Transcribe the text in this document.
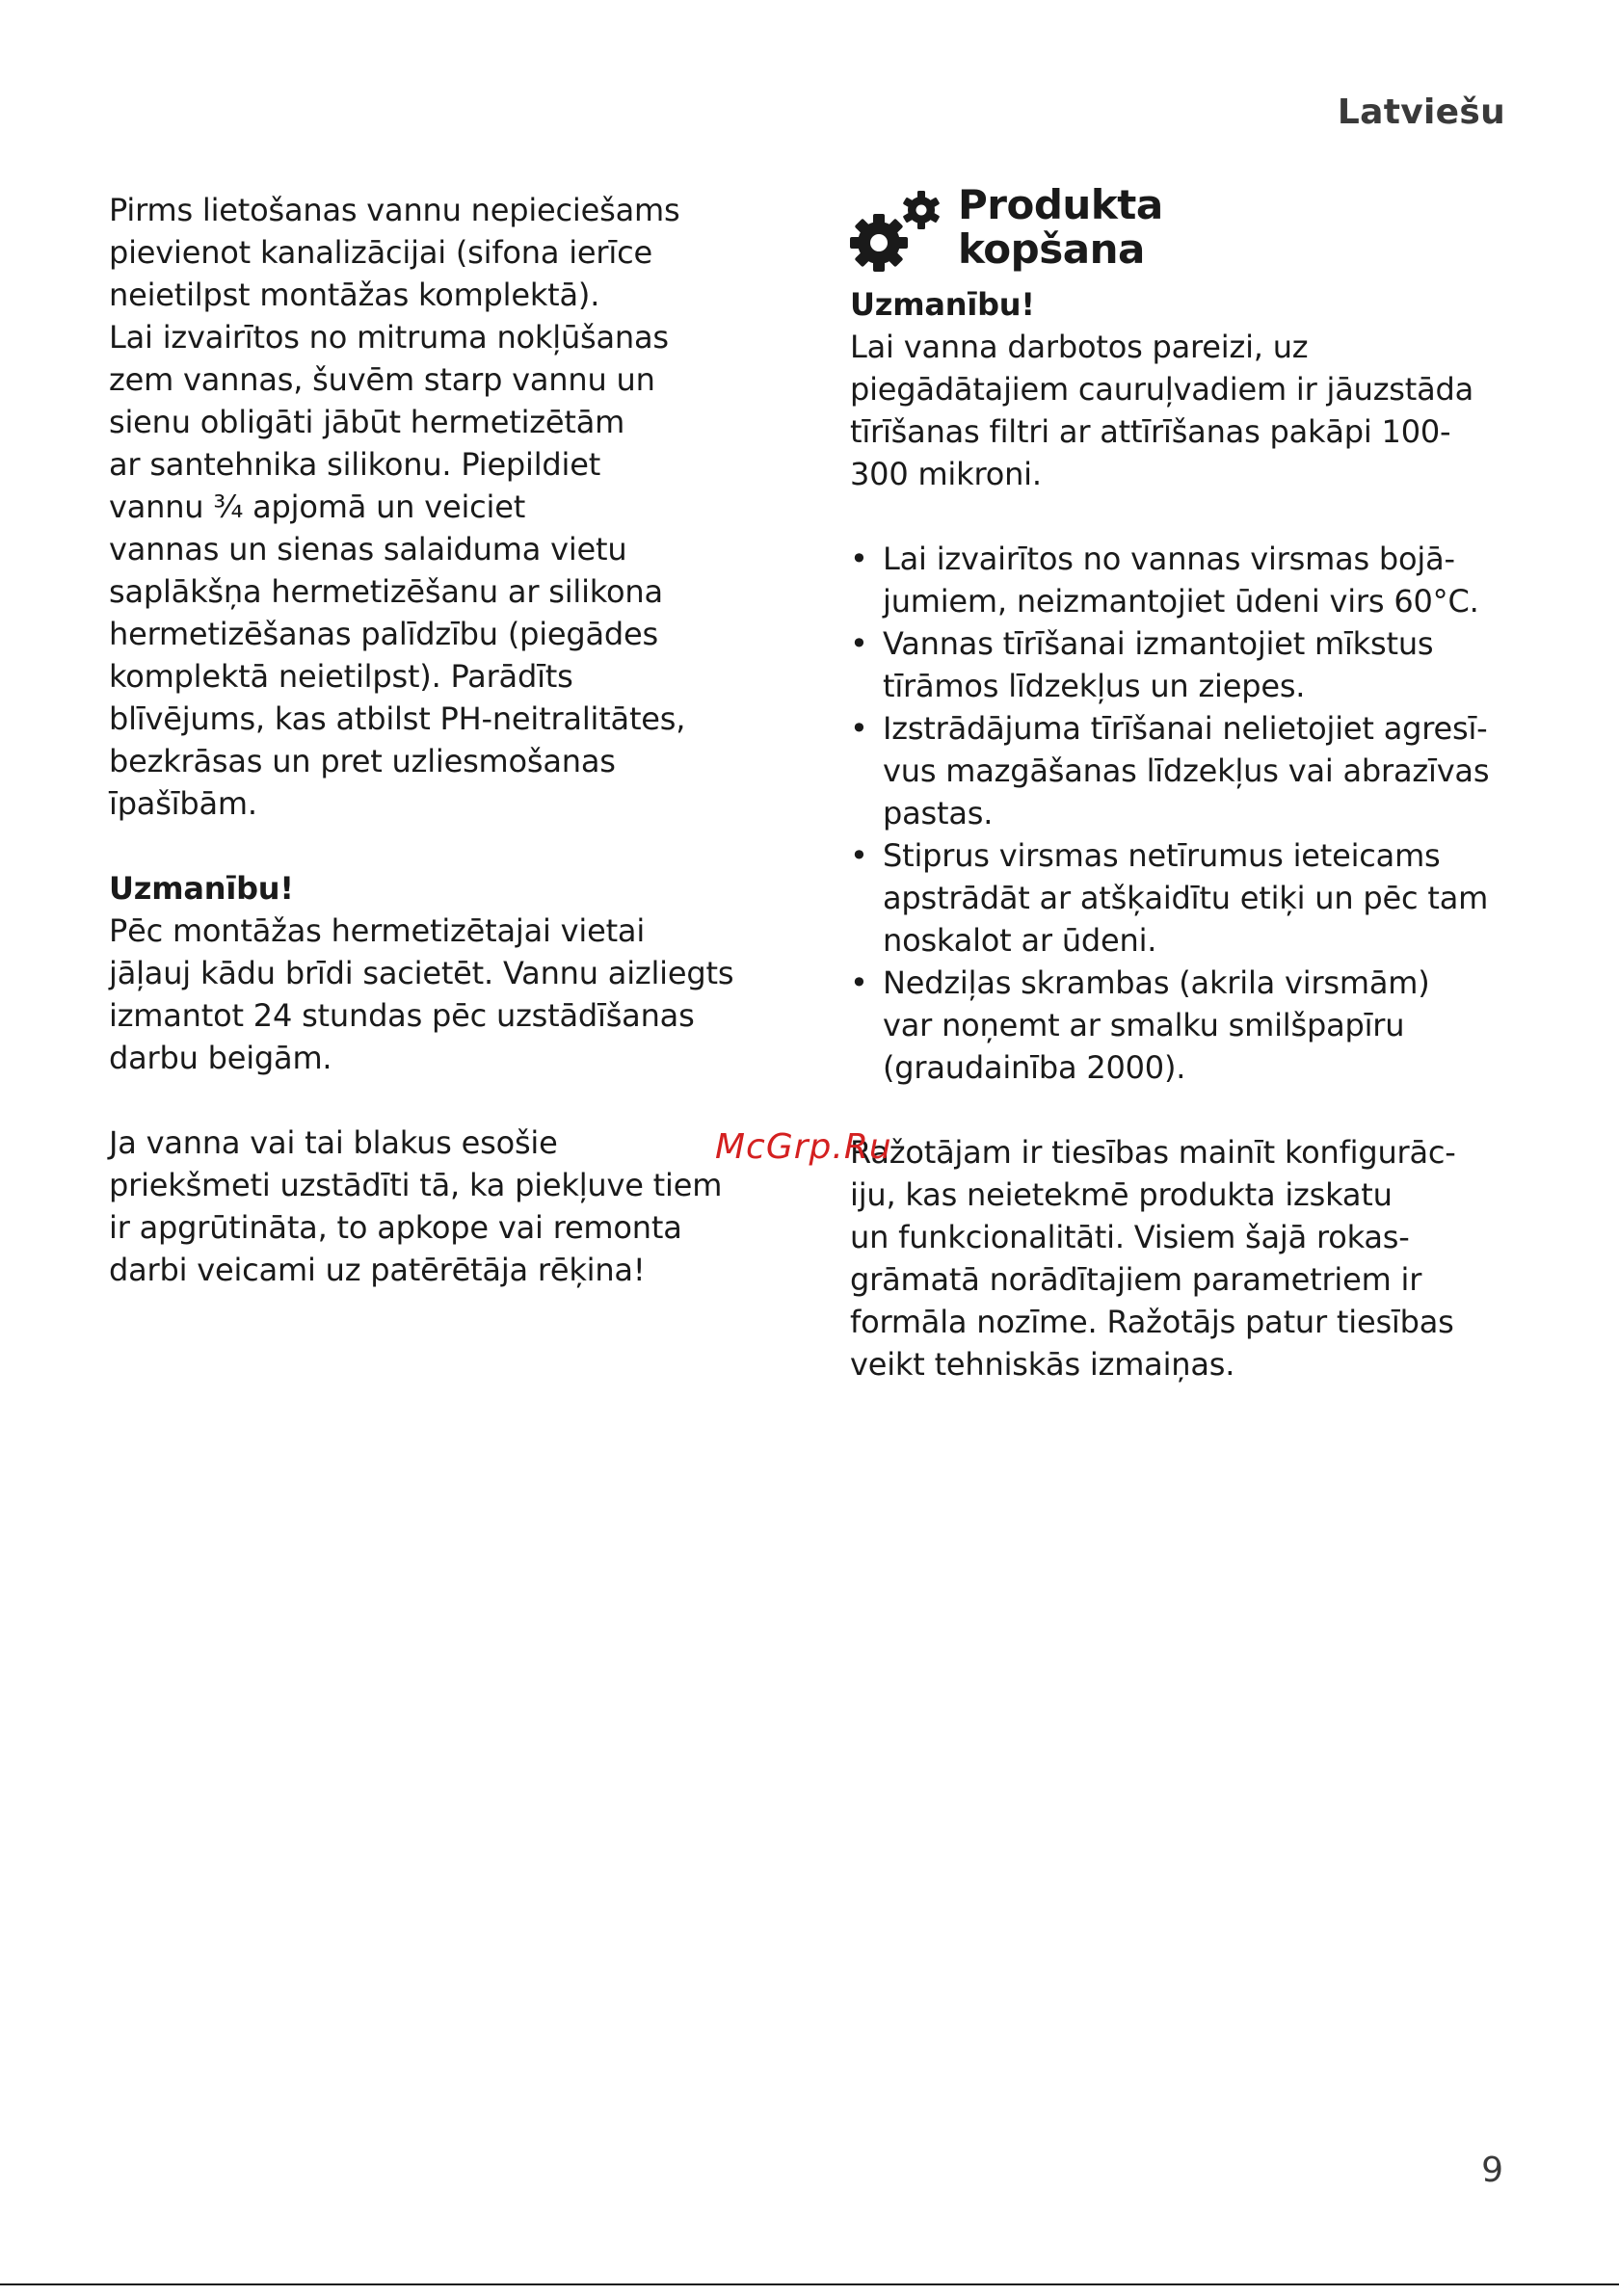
Latviešu

Pirms lietošanas vannu nepieciešams
pievienot kanalizācijai (sifona ierīce
neietilpst montāžas komplektā).
Lai izvairītos no mitruma nokļūšanas
zem vannas, šuvēm starp vannu un
sienu obligāti jābūt hermetizētām
ar santehnika silikonu. Piepildiet
vannu ¾ apjomā un veiciet
vannas un sienas salaiduma vietu
saplākšņa hermetizēšanu ar silikona
hermetizēšanas palīdzību (piegādes
komplektā neietilpst). Parādīts
blīvējums, kas atbilst PH-neitralitātes,
bezkrāsas un pret uzliesmošanas
īpašībām.

Uzmanību!
Pēc montāžas hermetizētajai vietai
jāļauj kādu brīdi sacietēt. Vannu aizliegts
izmantot 24 stundas pēc uzstādīšanas
darbu beigām.

Ja vanna vai tai blakus esošie
priekšmeti uzstādīti tā, ka piekļuve tiem
ir apgrūtināta, to apkope vai remonta
darbi veicami uz patērētāja rēķina!

Produkta
kopšana

Uzmanību!
Lai vanna darbotos pareizi, uz
piegādātajiem cauruļvadiem ir jāuzstāda
tīrīšanas filtri ar attīrīšanas pakāpi 100-
300 mikroni.

• Lai izvairītos no vannas virsmas bojā-
jumiem, neizmantojiet ūdeni virs 60°C.
• Vannas tīrīšanai izmantojiet mīkstus
tīrāmos līdzekļus un ziepes.
• Izstrādājuma tīrīšanai nelietojiet agresī-
vus mazgāšanas līdzekļus vai abrazīvas
pastas.
• Stiprus virsmas netīrumus ieteicams
apstrādāt ar atšķaidītu etiķi un pēc tam
noskalot ar ūdeni.
• Nedziļas skrambas (akrila virsmām)
var noņemt ar smalku smilšpapīru
(graudainība 2000).

Ražotājam ir tiesības mainīt konfigurāc-
iju, kas neietekmē produkta izskatu
un funkcionalitāti. Visiem šajā rokas-
grāmatā norādītajiem parametriem ir
formāla nozīme. Ražotājs patur tiesības
veikt tehniskās izmaiņas.

McGrp.Ru
9
